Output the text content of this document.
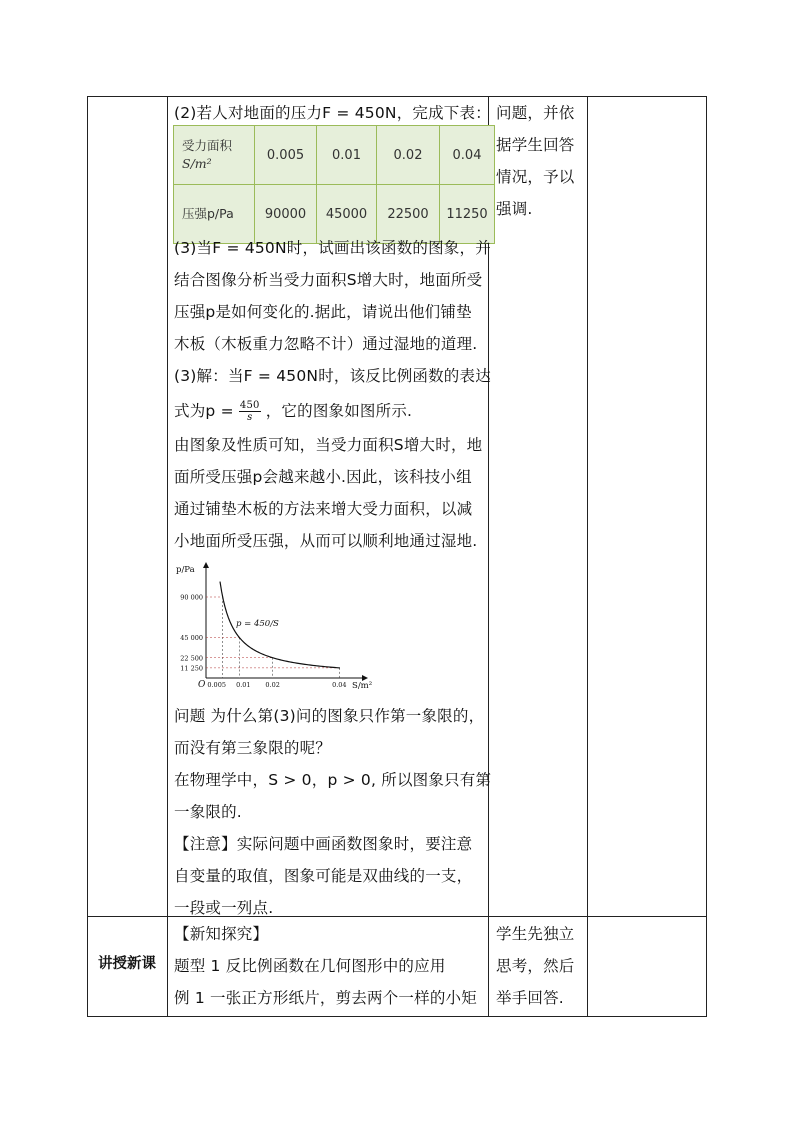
(2)若人对地面的压力F = 450N，完成下表：
受力面积
S/m²	0.005	0.01	0.02	0.04
压强p/Pa	90000	45000	22500	11250
(3)当F = 450N时，试画出该函数的图象，并
结合图像分析当受力面积S增大时，地面所受
压强p是如何变化的.据此，请说出他们铺垫
木板（木板重力忽略不计）通过湿地的道理.
(3)解：当F = 450N时，该反比例函数的表达
式为$p = \frac{450}{s}$ ，它的图象如图所示.
由图象及性质可知，当受力面积S增大时，地
面所受压强p会越来越小.因此，该科技小组
通过铺垫木板的方法来增大受力面积，以减
小地面所受压强，从而可以顺利地通过湿地.
90 000
45 000
22 500
11 250
0.005 0.01 0.02	0.04
O
p/Pa
S/m²
p = 450/S
问题 为什么第(3)问的图象只作第一象限的，
而没有第三象限的呢？
在物理学中，S > 0，p > 0, 所以图象只有第
一象限的.
【注意】实际问题中画函数图象时，要注意
自变量的取值，图象可能是双曲线的一支，
一段或一列点.
问题，并依
据学生回答
情况，予以
强调.
讲授新课
【新知探究】
题型 1 反比例函数在几何图形中的应用
例 1 一张正方形纸片，剪去两个一样的小矩
学生先独立
思考，然后
举手回答.
